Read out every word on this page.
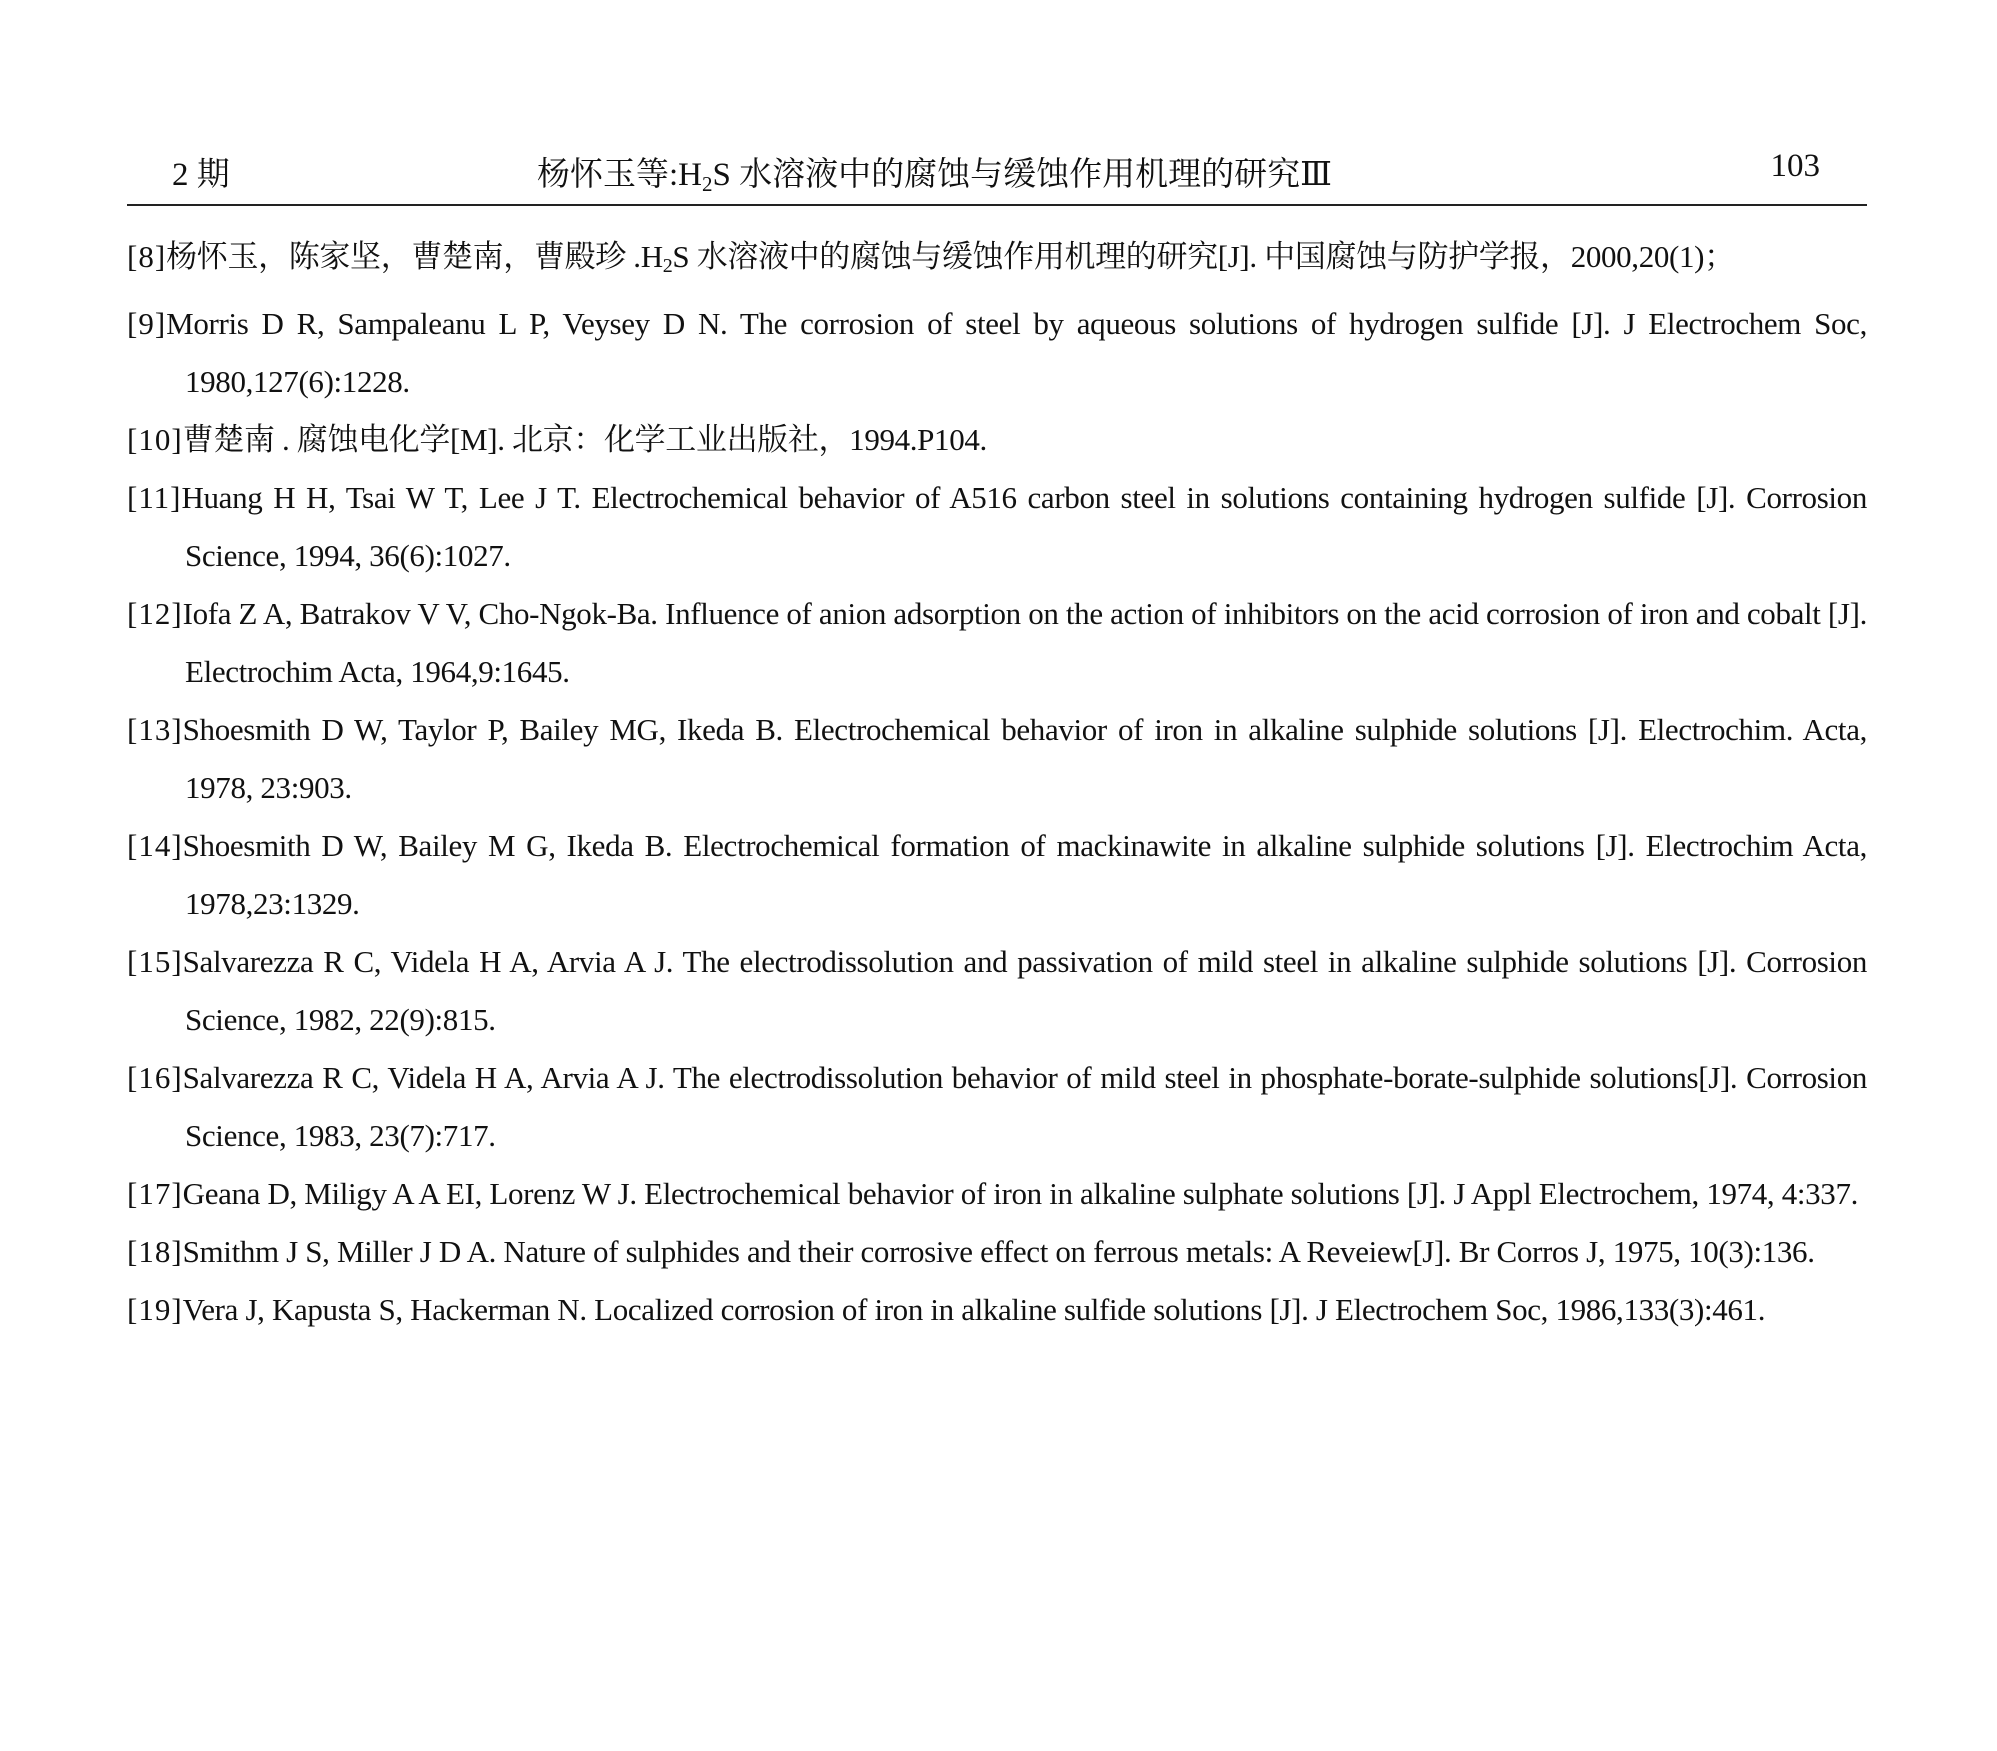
2 期	杨怀玉等$:H_2S$ 水溶液中的腐蚀与缓蚀作用机理的研究Ⅲ	103
[8]杨怀玉，陈家坚，曹楚南，曹殿珍 $.H_2S$ 水溶液中的腐蚀与缓蚀作用机理的研究[J]. 中国腐蚀与防护学报，2000,20(1)；
[9]Morris D R, Sampaleanu L P, Veysey D N. The corrosion of steel by aqueous solutions of hydrogen sulfide [J]. J Electrochem Soc, 1980,127(6):1228.
[10]曹楚南 . 腐蚀电化学[M]. 北京：化学工业出版社，1994.P104.
[11]Huang H H, Tsai W T, Lee J T. Electrochemical behavior of A516 carbon steel in solutions containing hydrogen sulfide [J]. Corrosion Science, 1994, 36(6):1027.
[12]Iofa Z A, Batrakov V V, Cho-Ngok-Ba. Influence of anion adsorption on the action of inhibitors on the acid corrosion of iron and cobalt [J]. Electrochim Acta, 1964,9:1645.
[13]Shoesmith D W, Taylor P, Bailey MG, Ikeda B. Electrochemical behavior of iron in alkaline sulphide solutions [J]. Electrochim. Acta, 1978, 23:903.
[14]Shoesmith D W, Bailey M G, Ikeda B. Electrochemical formation of mackinawite in alkaline sulphide solutions [J]. Electrochim Acta, 1978,23:1329.
[15]Salvarezza R C, Videla H A, Arvia A J. The electrodissolution and passivation of mild steel in alkaline sulphide solutions [J]. Corrosion Science, 1982, 22(9):815.
[16]Salvarezza R C, Videla H A, Arvia A J. The electrodissolution behavior of mild steel in phosphate-borate-sulphide solutions[J]. Corrosion Science, 1983, 23(7):717.
[17]Geana D, Miligy A A EI, Lorenz W J. Electrochemical behavior of iron in alkaline sulphate solutions [J]. J Appl Electrochem, 1974, 4:337.
[18]Smithm J S, Miller J D A. Nature of sulphides and their corrosive effect on ferrous metals: A Reveiew[J]. Br Corros J, 1975, 10(3):136.
[19]Vera J, Kapusta S, Hackerman N. Localized corrosion of iron in alkaline sulfide solutions [J]. J Electrochem Soc, 1986,133(3):461.
